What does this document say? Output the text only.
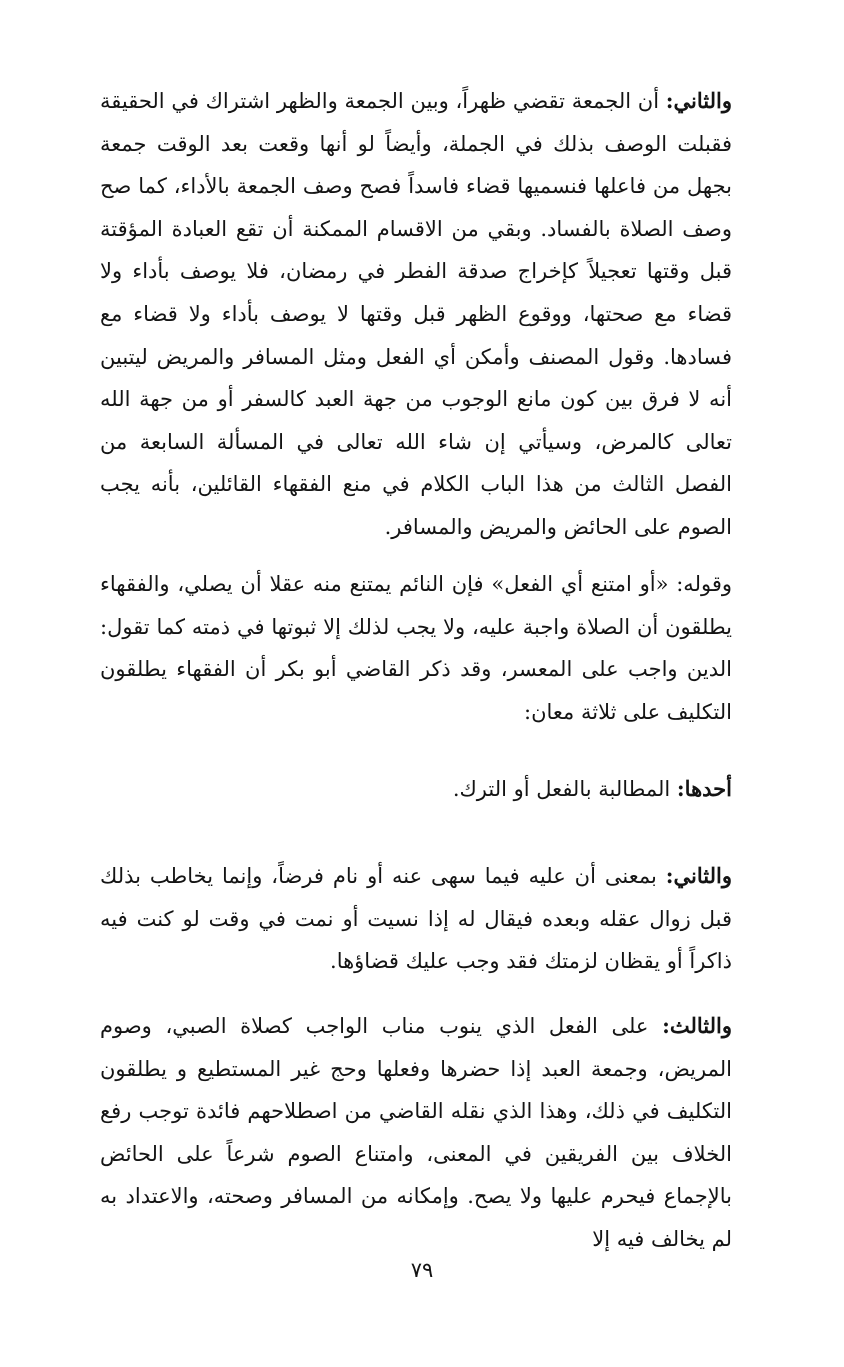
والثاني: أن الجمعة تقضي ظهراً، وبين الجمعة والظهر اشتراك في الحقيقة فقبلت الوصف بذلك في الجملة، وأيضاً لو أنها وقعت بعد الوقت جمعة بجهل من فاعلها فنسميها قضاء فاسداً فصح وصف الجمعة بالأداء، كما صح وصف الصلاة بالفساد. وبقي من الاقسام الممكنة أن تقع العبادة المؤقتة قبل وقتها تعجيلاً كإخراج صدقة الفطر في رمضان، فلا يوصف بأداء ولا قضاء مع صحتها، ووقوع الظهر قبل وقتها لا يوصف بأداء ولا قضاء مع فسادها. وقول المصنف وأمكن أي الفعل ومثل المسافر والمريض ليتبين أنه لا فرق بين كون مانع الوجوب من جهة العبد كالسفر أو من جهة الله تعالى كالمرض، وسيأتي إن شاء الله تعالى في المسألة السابعة من الفصل الثالث من هذا الباب الكلام في منع الفقهاء القائلين، بأنه يجب الصوم على الحائض والمريض والمسافر.
وقوله: «أو امتنع أي الفعل» فإن النائم يمتنع منه عقلا أن يصلي، والفقهاء يطلقون أن الصلاة واجبة عليه، ولا يجب لذلك إلا ثبوتها في ذمته كما تقول: الدين واجب على المعسر، وقد ذكر القاضي أبو بكر أن الفقهاء يطلقون التكليف على ثلاثة معان:
أحدها: المطالبة بالفعل أو الترك.
والثاني: بمعنى أن عليه فيما سهى عنه أو نام فرضاً، وإنما يخاطب بذلك قبل زوال عقله وبعده فيقال له إذا نسيت أو نمت في وقت لو كنت فيه ذاكراً أو يقظان لزمتك فقد وجب عليك قضاؤها.
والثالث: على الفعل الذي ينوب مناب الواجب كصلاة الصبي، وصوم المريض، وجمعة العبد إذا حضرها وفعلها وحج غير المستطيع و يطلقون التكليف في ذلك، وهذا الذي نقله القاضي من اصطلاحهم فائدة توجب رفع الخلاف بين الفريقين في المعنى، وامتناع الصوم شرعاً على الحائض بالإجماع فيحرم عليها ولا يصح. وإمكانه من المسافر وصحته، والاعتداد به لم يخالف فيه إلا
٧٩
